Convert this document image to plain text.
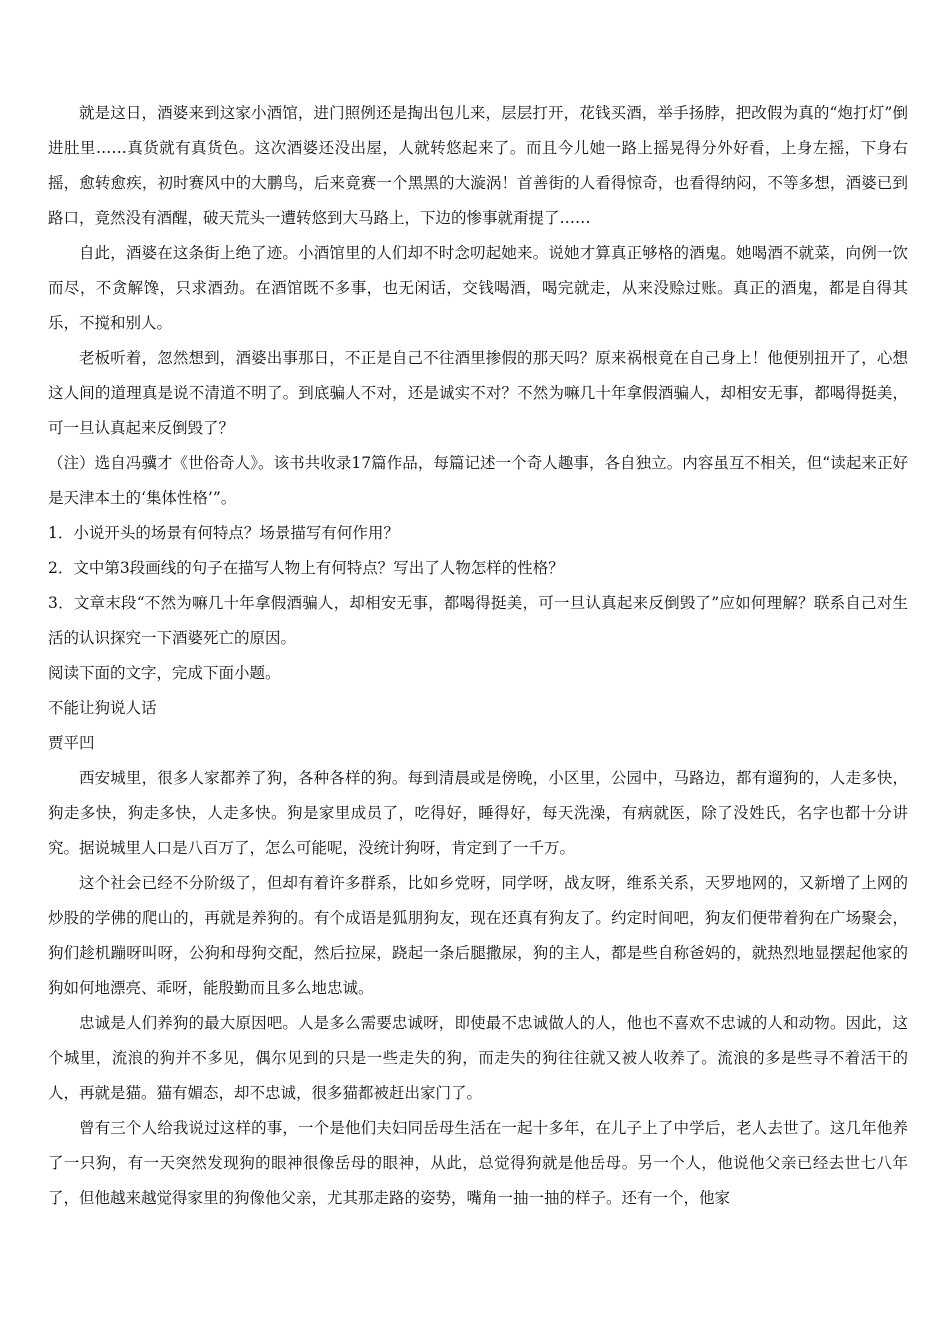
就是这日，酒婆来到这家小酒馆，进门照例还是掏出包儿来，层层打开，花钱买酒，举手扬脖，把改假为真的“炮打灯”倒进肚里……真货就有真货色。这次酒婆还没出屋，人就转悠起来了。而且今儿她一路上摇晃得分外好看，上身左摇，下身右摇，愈转愈疾，初时赛风中的大鹏鸟，后来竟赛一个黑黑的大漩涡！首善街的人看得惊奇，也看得纳闷，不等多想，酒婆已到路口，竟然没有酒醒，破天荒头一遭转悠到大马路上，下边的惨事就甭提了……

自此，酒婆在这条街上绝了迹。小酒馆里的人们却不时念叨起她来。说她才算真正够格的酒鬼。她喝酒不就菜，向例一饮而尽，不贪解馋，只求酒劲。在酒馆既不多事，也无闲话，交钱喝酒，喝完就走，从来没赊过账。真正的酒鬼，都是自得其乐，不搅和别人。

老板听着，忽然想到，酒婆出事那日，不正是自己不往酒里掺假的那天吗？原来祸根竟在自己身上！他便别扭开了，心想这人间的道理真是说不清道不明了。到底骗人不对，还是诚实不对？不然为嘛几十年拿假酒骗人，却相安无事，都喝得挺美，可一旦认真起来反倒毁了？

（注）选自冯骥才《世俗奇人》。该书共收录17篇作品，每篇记述一个奇人趣事，各自独立。内容虽互不相关，但“读起来正好是天津本土的‘集体性格’”。

1．小说开头的场景有何特点？场景描写有何作用？

2．文中第3段画线的句子在描写人物上有何特点？写出了人物怎样的性格？

3．文章末段“不然为嘛几十年拿假酒骗人，却相安无事，都喝得挺美，可一旦认真起来反倒毁了”应如何理解？联系自己对生活的认识探究一下酒婆死亡的原因。

阅读下面的文字，完成下面小题。

不能让狗说人话

贾平凹

西安城里，很多人家都养了狗，各种各样的狗。每到清晨或是傍晚，小区里，公园中，马路边，都有遛狗的，人走多快，狗走多快，狗走多快，人走多快。狗是家里成员了，吃得好，睡得好，每天洗澡，有病就医，除了没姓氏，名字也都十分讲究。据说城里人口是八百万了，怎么可能呢，没统计狗呀，肯定到了一千万。

这个社会已经不分阶级了，但却有着许多群系，比如乡党呀，同学呀，战友呀，维系关系，天罗地网的，又新增了上网的炒股的学佛的爬山的，再就是养狗的。有个成语是狐朋狗友，现在还真有狗友了。约定时间吧，狗友们便带着狗在广场聚会，狗们趁机蹦呀叫呀，公狗和母狗交配，然后拉屎，跷起一条后腿撒尿，狗的主人，都是些自称爸妈的，就热烈地显摆起他家的狗如何地漂亮、乖呀，能殷勤而且多么地忠诚。

忠诚是人们养狗的最大原因吧。人是多么需要忠诚呀，即使最不忠诚做人的人，他也不喜欢不忠诚的人和动物。因此，这个城里，流浪的狗并不多见，偶尔见到的只是一些走失的狗，而走失的狗往往就又被人收养了。流浪的多是些寻不着活干的人，再就是猫。猫有媚态，却不忠诚，很多猫都被赶出家门了。

曾有三个人给我说过这样的事，一个是他们夫妇同岳母生活在一起十多年，在儿子上了中学后，老人去世了。这几年他养了一只狗，有一天突然发现狗的眼神很像岳母的眼神，从此，总觉得狗就是他岳母。另一个人，他说他父亲已经去世七八年了，但他越来越觉得家里的狗像他父亲，尤其那走路的姿势，嘴角一抽一抽的样子。还有一个，他家
